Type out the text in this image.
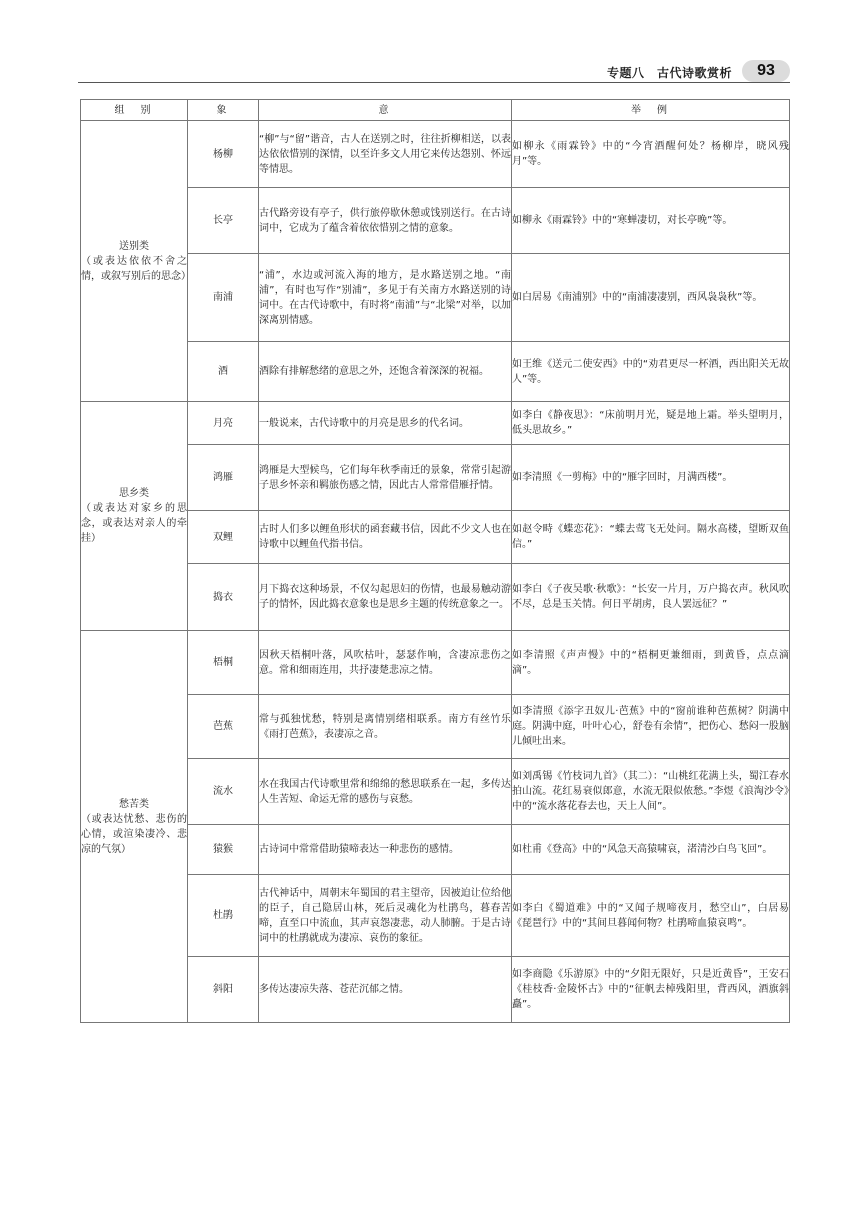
专题八　古代诗歌赏析	93
组　别	象	意	举　例

送别类
（或表达依依不舍之情，或叙写别后的思念）	杨柳	“柳”与“留”谐音，古人在送别之时，往往折柳相送，以表达依依惜别的深情，以至许多文人用它来传达怨别、怀远等情思。	如柳永《雨霖铃》中的“今宵酒醒何处？杨柳岸，晓风残月”等。
	长亭	古代路旁设有亭子，供行旅停歇休憩或饯别送行。在古诗词中，它成为了蕴含着依依惜别之情的意象。	如柳永《雨霖铃》中的“寒蝉凄切，对长亭晚”等。
	南浦	“浦”，水边或河流入海的地方，是水路送别之地。“南浦”，有时也写作“别浦”，多见于有关南方水路送别的诗词中。在古代诗歌中，有时将“南浦”与“北梁”对举，以加深离别情感。	如白居易《南浦别》中的“南浦凄凄别，西风袅袅秋”等。
	酒	酒除有排解愁绪的意思之外，还饱含着深深的祝福。	如王维《送元二使安西》中的“劝君更尽一杯酒，西出阳关无故人”等。

思乡类
（或表达对家乡的思念，或表达对亲人的牵挂）	月亮	一般说来，古代诗歌中的月亮是思乡的代名词。	如李白《静夜思》：“床前明月光，疑是地上霜。举头望明月，低头思故乡。”
	鸿雁	鸿雁是大型候鸟，它们每年秋季南迁的景象，常常引起游子思乡怀亲和羁旅伤感之情，因此古人常常借雁抒情。	如李清照《一剪梅》中的“雁字回时，月满西楼”。
	双鲤	古时人们多以鲤鱼形状的函套藏书信，因此不少文人也在诗歌中以鲤鱼代指书信。	如赵令畤《蝶恋花》：“蝶去莺飞无处问。隔水高楼，望断双鱼信。”
	捣衣	月下捣衣这种场景，不仅勾起思妇的伤情，也最易触动游子的情怀，因此捣衣意象也是思乡主题的传统意象之一。	如李白《子夜吴歌·秋歌》：“长安一片月，万户捣衣声。秋风吹不尽，总是玉关情。何日平胡虏，良人罢远征？”

愁苦类
（或表达忧愁、悲伤的心情，或渲染凄冷、悲凉的气氛）	梧桐	因秋天梧桐叶落，风吹枯叶，瑟瑟作响，含凄凉悲伤之意。常和细雨连用，共抒凄楚悲凉之情。	如李清照《声声慢》中的“梧桐更兼细雨，到黄昏，点点滴滴”。
	芭蕉	常与孤独忧愁，特别是离情别绪相联系。南方有丝竹乐《雨打芭蕉》，表凄凉之音。	如李清照《添字丑奴儿·芭蕉》中的“窗前谁种芭蕉树？阴满中庭。阴满中庭，叶叶心心，舒卷有余情”，把伤心、愁闷一股脑儿倾吐出来。
	流水	水在我国古代诗歌里常和绵绵的愁思联系在一起，多传达人生苦短、命运无常的感伤与哀愁。	如刘禹锡《竹枝词九首》（其二）：“山桃红花满上头，蜀江春水拍山流。花红易衰似郎意，水流无限似侬愁。”李煜《浪淘沙令》中的“流水落花春去也，天上人间”。
	猿猴	古诗词中常常借助猿啼表达一种悲伤的感情。	如杜甫《登高》中的“风急天高猿啸哀，渚清沙白鸟飞回”。
	杜鹃	古代神话中，周朝末年蜀国的君主望帝，因被迫让位给他的臣子，自己隐居山林，死后灵魂化为杜鹃鸟，暮春苦啼，直至口中流血，其声哀怨凄悲，动人肺腑。于是古诗词中的杜鹃就成为凄凉、哀伤的象征。	如李白《蜀道难》中的“又闻子规啼夜月，愁空山”，白居易《琵琶行》中的“其间旦暮闻何物？杜鹃啼血猿哀鸣”。
	斜阳	多传达凄凉失落、苍茫沉郁之情。	如李商隐《乐游原》中的“夕阳无限好，只是近黄昏”，王安石《桂枝香·金陵怀古》中的“征帆去棹残阳里，背西风，酒旗斜矗”。
